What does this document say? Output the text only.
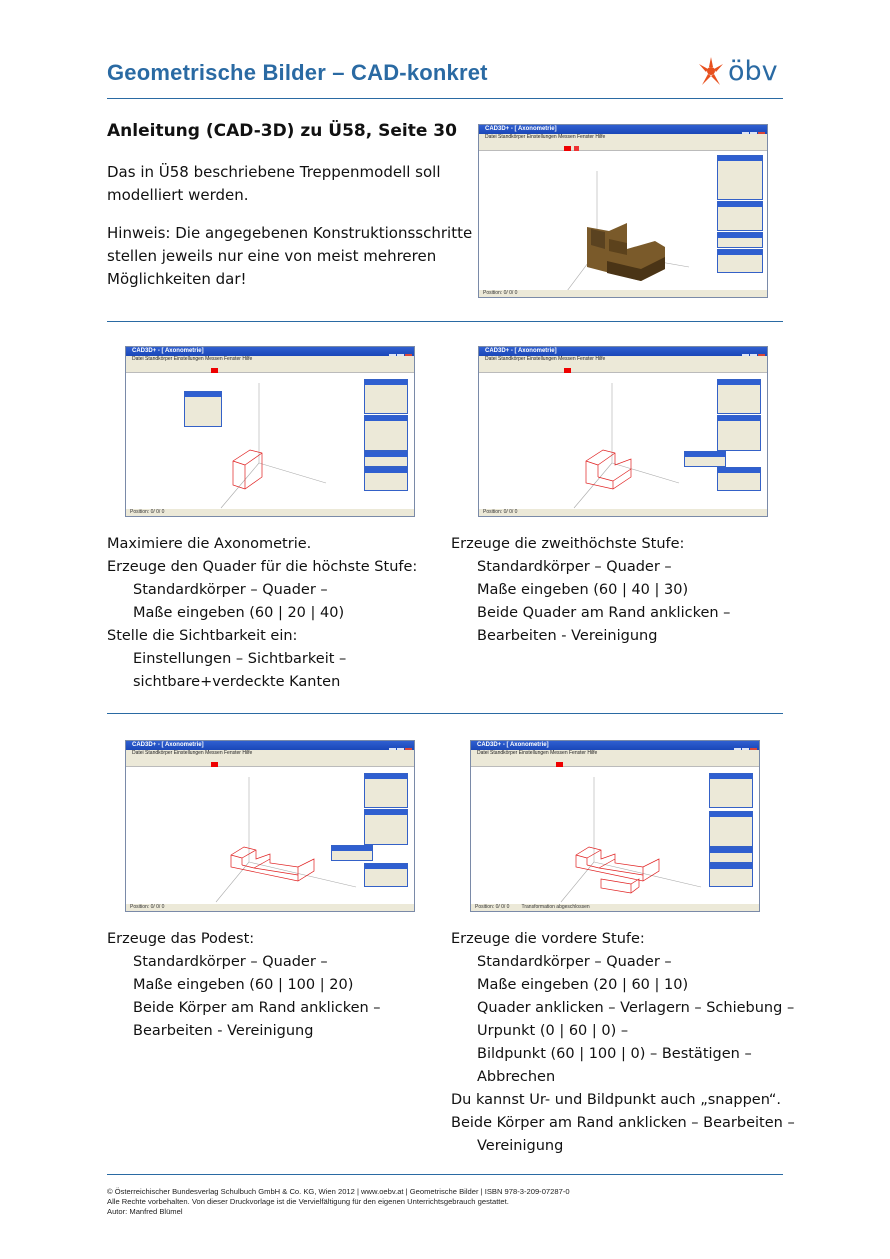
Geometrische Bilder – CAD-konkret	öbv
Anleitung (CAD-3D) zu Ü58, Seite 30
Das in Ü58 beschriebene Treppenmodell soll
modelliert werden.
Hinweis: Die angegebenen Konstruktionsschritte
stellen jeweils nur eine von meist mehreren
Möglichkeiten dar!
CAD3D+ - [ Axonometrie]
Datei Standkörper Einstellungen Messen Fenster Hilfe
Position: 0/ 0/ 0
CAD3D+ - [ Axonometrie]
Datei Standkörper Einstellungen Messen Fenster Hilfe
Position: 0/ 0/ 0
CAD3D+ - [ Axonometrie]
Datei Standkörper Einstellungen Messen Fenster Hilfe
Position: 0/ 0/ 0
Maximiere die Axonometrie.
Erzeuge den Quader für die höchste Stufe:
Standardkörper – Quader –
Maße eingeben (60 | 20 | 40)
Stelle die Sichtbarkeit ein:
Einstellungen – Sichtbarkeit –
sichtbare+verdeckte Kanten
Erzeuge die zweithöchste Stufe:
Standardkörper – Quader –
Maße eingeben (60 | 40 | 30)
Beide Quader am Rand anklicken –
Bearbeiten - Vereinigung
CAD3D+ - [ Axonometrie]
Datei Standkörper Einstellungen Messen Fenster Hilfe
Position: 0/ 0/ 0
CAD3D+ - [ Axonometrie]
Datei Standkörper Einstellungen Messen Fenster Hilfe
Position: 0/ 0/ 0 Transformation abgeschlossen
Erzeuge das Podest:
Standardkörper – Quader –
Maße eingeben (60 | 100 | 20)
Beide Körper am Rand anklicken –
Bearbeiten - Vereinigung
Erzeuge die vordere Stufe:
Standardkörper – Quader –
Maße eingeben (20 | 60 | 10)
Quader anklicken – Verlagern – Schiebung –
Urpunkt (0 | 60 | 0) –
Bildpunkt (60 | 100 | 0) – Bestätigen –
Abbrechen
Du kannst Ur- und Bildpunkt auch „snappen“.
Beide Körper am Rand anklicken – Bearbeiten –
Vereinigung
© Österreichischer Bundesverlag Schulbuch GmbH & Co. KG, Wien 2012 | www.oebv.at | Geometrische Bilder | ISBN 978-3-209-07287-0
Alle Rechte vorbehalten. Von dieser Druckvorlage ist die Vervielfältigung für den eigenen Unterrichtsgebrauch gestattet.
Autor: Manfred Blümel
